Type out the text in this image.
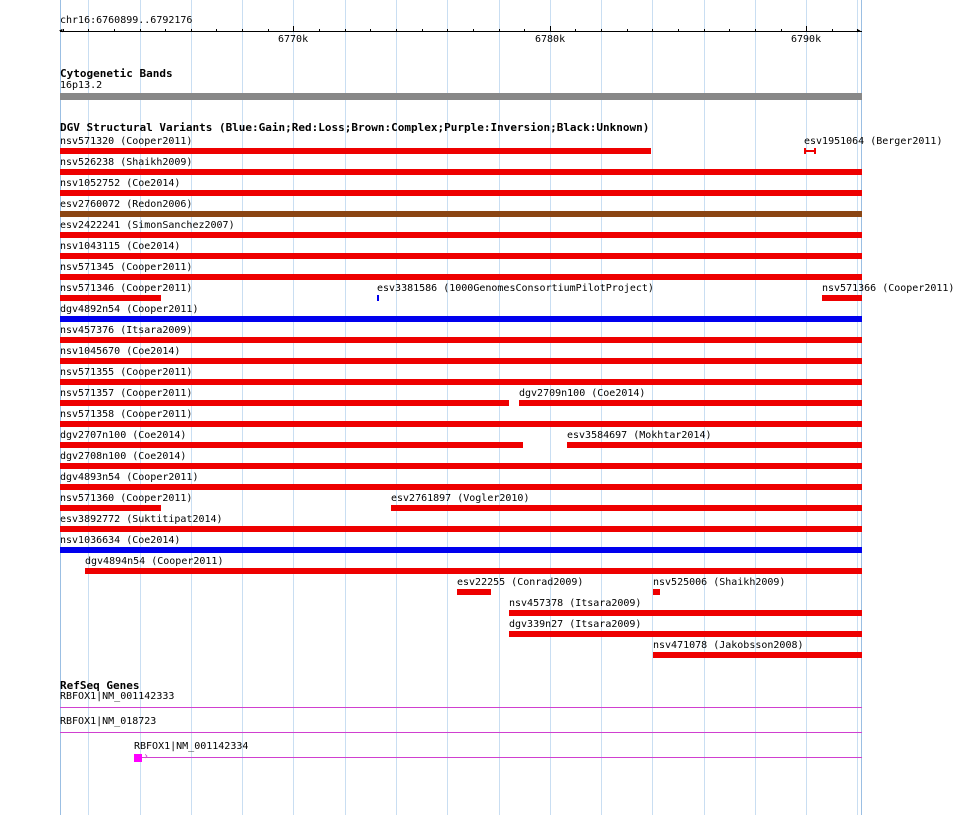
chr16:6760899..6792176
6770k	6780k	6790k
◂	▸
Cytogenetic Bands
16p13.2
DGV Structural Variants (Blue:Gain;Red:Loss;Brown:Complex;Purple:Inversion;Black:Unknown)
RefSeq Genes
nsv571320 (Cooper2011)	esv1951064 (Berger2011)
nsv526238 (Shaikh2009)
nsv1052752 (Coe2014)
esv2760072 (Redon2006)
esv2422241 (SimonSanchez2007)
nsv1043115 (Coe2014)
nsv571345 (Cooper2011)
nsv571346 (Cooper2011)	esv3381586 (1000GenomesConsortiumPilotProject)	nsv571366 (Cooper2011)
dgv4892n54 (Cooper2011)
nsv457376 (Itsara2009)
nsv1045670 (Coe2014)
nsv571355 (Cooper2011)
nsv571357 (Cooper2011)	dgv2709n100 (Coe2014)
nsv571358 (Cooper2011)
dgv2707n100 (Coe2014)	esv3584697 (Mokhtar2014)
dgv2708n100 (Coe2014)
dgv4893n54 (Cooper2011)
nsv571360 (Cooper2011)	esv2761897 (Vogler2010)
esv3892772 (Suktitipat2014)
nsv1036634 (Coe2014)
dgv4894n54 (Cooper2011)
esv22255 (Conrad2009)	nsv525006 (Shaikh2009)
nsv457378 (Itsara2009)
dgv339n27 (Itsara2009)
nsv471078 (Jakobsson2008)
RBFOX1|NM_001142333
RBFOX1|NM_018723
RBFOX1|NM_001142334
›
